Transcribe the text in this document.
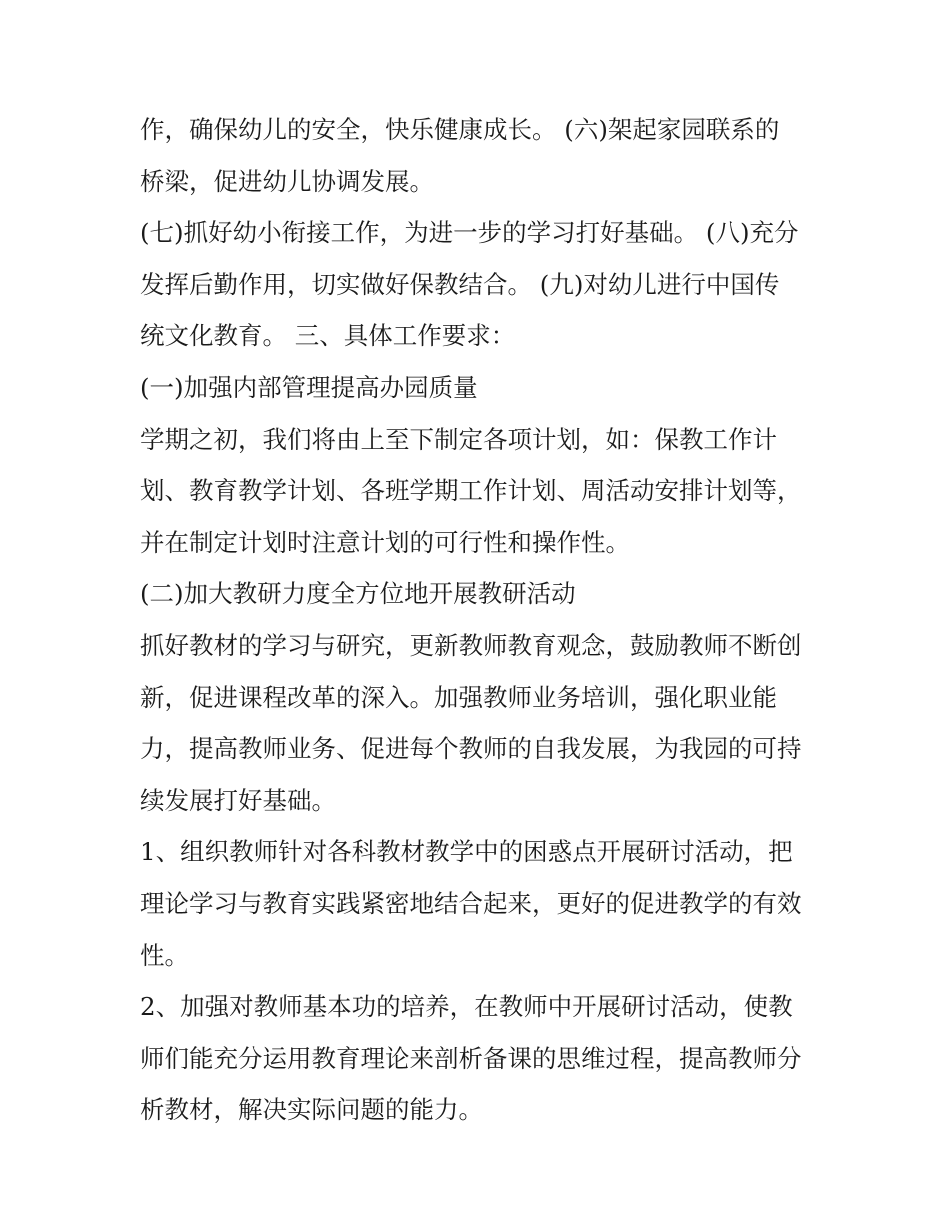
作，确保幼儿的安全，快乐健康成长。 (六)架起家园联系的
桥梁，促进幼儿协调发展。
(七)抓好幼小衔接工作，为进一步的学习打好基础。 (八)充分
发挥后勤作用，切实做好保教结合。 (九)对幼儿进行中国传
统文化教育。 三、具体工作要求：
(一)加强内部管理提高办园质量
学期之初，我们将由上至下制定各项计划，如：保教工作计
划、教育教学计划、各班学期工作计划、周活动安排计划等，
并在制定计划时注意计划的可行性和操作性。
(二)加大教研力度全方位地开展教研活动
抓好教材的学习与研究，更新教师教育观念，鼓励教师不断创
新，促进课程改革的深入。加强教师业务培训，强化职业能
力，提高教师业务、促进每个教师的自我发展，为我园的可持
续发展打好基础。
1、组织教师针对各科教材教学中的困惑点开展研讨活动，把
理论学习与教育实践紧密地结合起来，更好的促进教学的有效
性。
2、加强对教师基本功的培养，在教师中开展研讨活动，使教
师们能充分运用教育理论来剖析备课的思维过程，提高教师分
析教材，解决实际问题的能力。
